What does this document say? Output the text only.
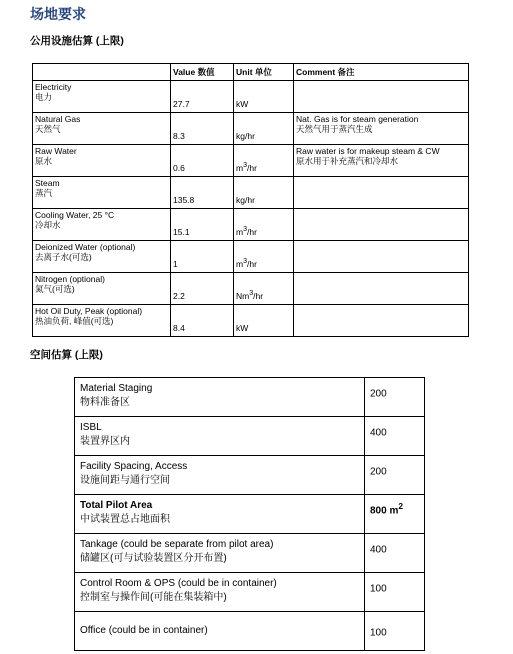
场地要求
公用设施估算 (上限)
	Value 数值	Unit 单位	Comment 备注
Electricity
电力	27.7	kW	

Natural Gas
天然气	8.3	kg/hr	Nat. Gas is for steam generation
天然气用于蒸汽生成

Raw Water
原水	0.6	$m^3/hr$	Raw water is for makeup steam & CW
原水用于补充蒸汽和冷却水

Steam
蒸汽	135.8	kg/hr	

Cooling Water, 25 °C
冷却水	15.1	$m^3/hr$	

Deionized Water (optional)
去离子水(可选)	1	$m^3/hr$	

Nitrogen (optional)
氮气(可选)	2.2	Nm$^3$/hr	

Hot Oil Duty, Peak (optional)
热油负荷, 峰值(可选)	8.4	kW	
空间估算 (上限)
Material Staging
物料准备区	200
ISBL
装置界区内	400
Facility Spacing, Access
设施间距与通行空间	200
Total Pilot Area
中试装置总占地面积	800 $m^2$
Tankage (could be separate from pilot area)
储罐区(可与试验装置区分开布置)	400
Control Room & OPS (could be in container)
控制室与操作间(可能在集装箱中)	100
Office (could be in container)	100
